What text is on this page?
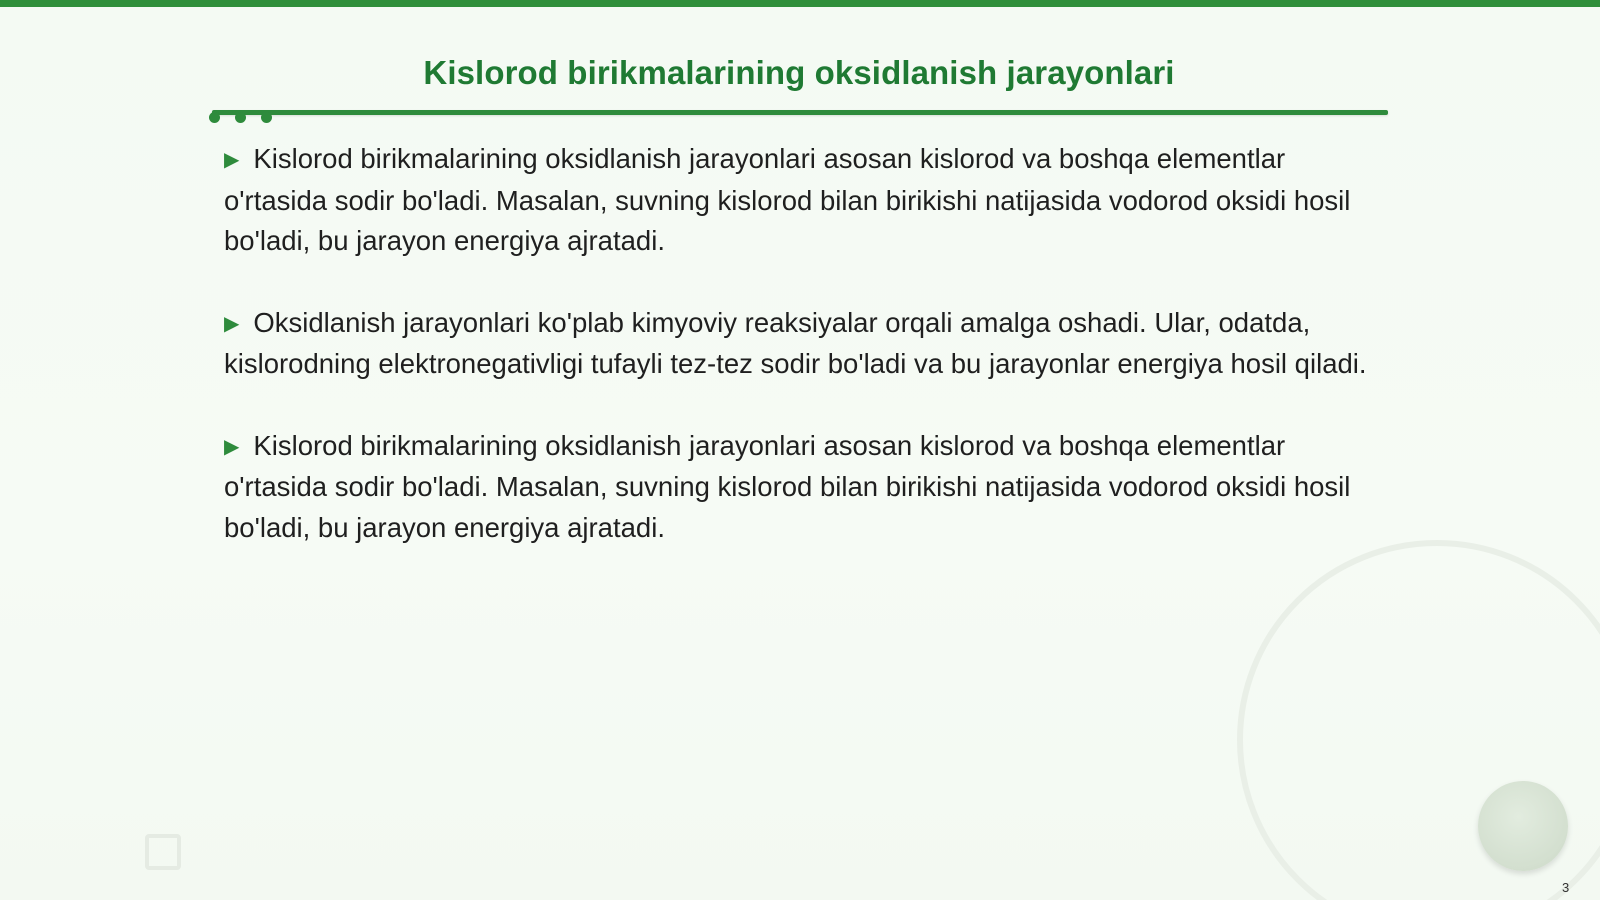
Kislorod birikmalarining oksidlanish jarayonlari
▶ Kislorod birikmalarining oksidlanish jarayonlari asosan kislorod va boshqa elementlar o'rtasida sodir bo'ladi. Masalan, suvning kislorod bilan birikishi natijasida vodorod oksidi hosil bo'ladi, bu jarayon energiya ajratadi.
▶ Oksidlanish jarayonlari ko'plab kimyoviy reaksiyalar orqali amalga oshadi. Ular, odatda, kislorodning elektronegativligi tufayli tez-tez sodir bo'ladi va bu jarayonlar energiya hosil qiladi.
▶ Kislorod birikmalarining oksidlanish jarayonlari asosan kislorod va boshqa elementlar o'rtasida sodir bo'ladi. Masalan, suvning kislorod bilan birikishi natijasida vodorod oksidi hosil bo'ladi, bu jarayon energiya ajratadi.
3
